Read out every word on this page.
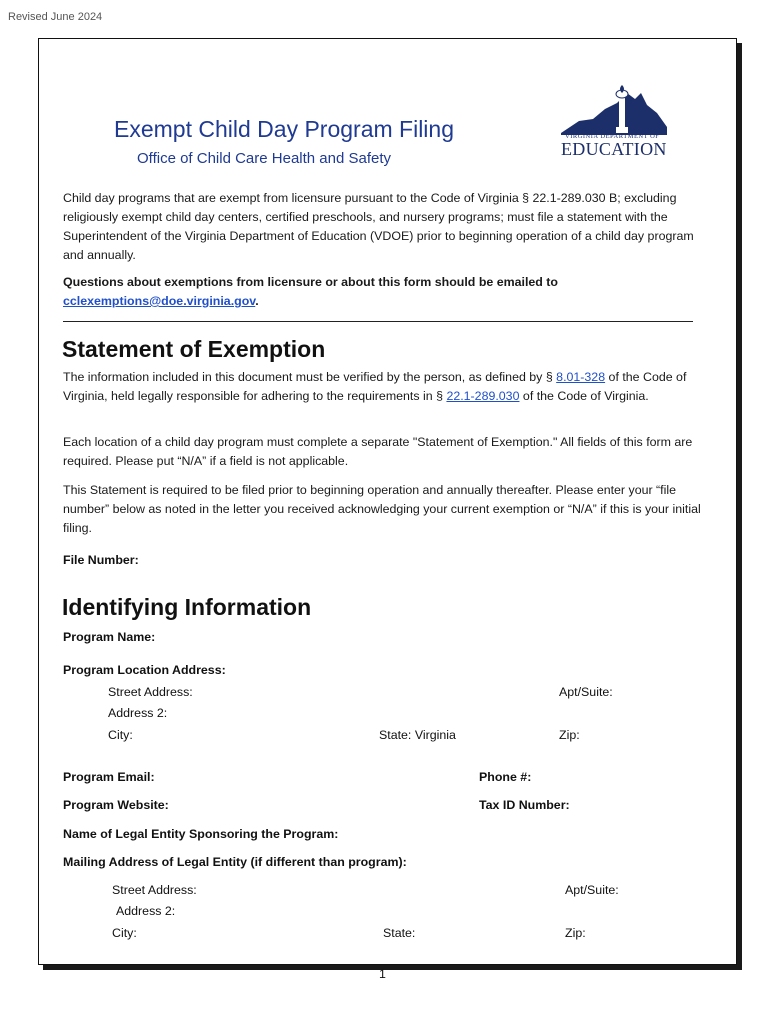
Revised June 2024
Exempt Child Day Program Filing
Office of Child Care Health and Safety
VIRGINIA DEPARTMENT OF
EDUCATION
Child day programs that are exempt from licensure pursuant to the Code of Virginia § 22.1-289.030 B; excluding religiously exempt child day centers, certified preschools, and nursery programs; must file a statement with the Superintendent of the Virginia Department of Education (VDOE) prior to beginning operation of a child day program and annually.
Questions about exemptions from licensure or about this form should be emailed to
cclexemptions@doe.virginia.gov.
Statement of Exemption
The information included in this document must be verified by the person, as defined by § 8.01-328 of the Code of Virginia, held legally responsible for adhering to the requirements in § 22.1-289.030 of the Code of Virginia.
Each location of a child day program must complete a separate "Statement of Exemption." All fields of this form are required. Please put “N/A” if a field is not applicable.
This Statement is required to be filed prior to beginning operation and annually thereafter. Please enter your “file number” below as noted in the letter you received acknowledging your current exemption or “N/A” if this is your initial filing.
File Number:
Identifying Information
Program Name:
Program Location Address:
Street Address:	Apt/Suite:
Address 2:
City:	State: Virginia	Zip:
Program Email:	Phone #:
Program Website:	Tax ID Number:
Name of Legal Entity Sponsoring the Program:
Mailing Address of Legal Entity (if different than program):
Street Address:	Apt/Suite:
Address 2:
City:	State:	Zip:
1
